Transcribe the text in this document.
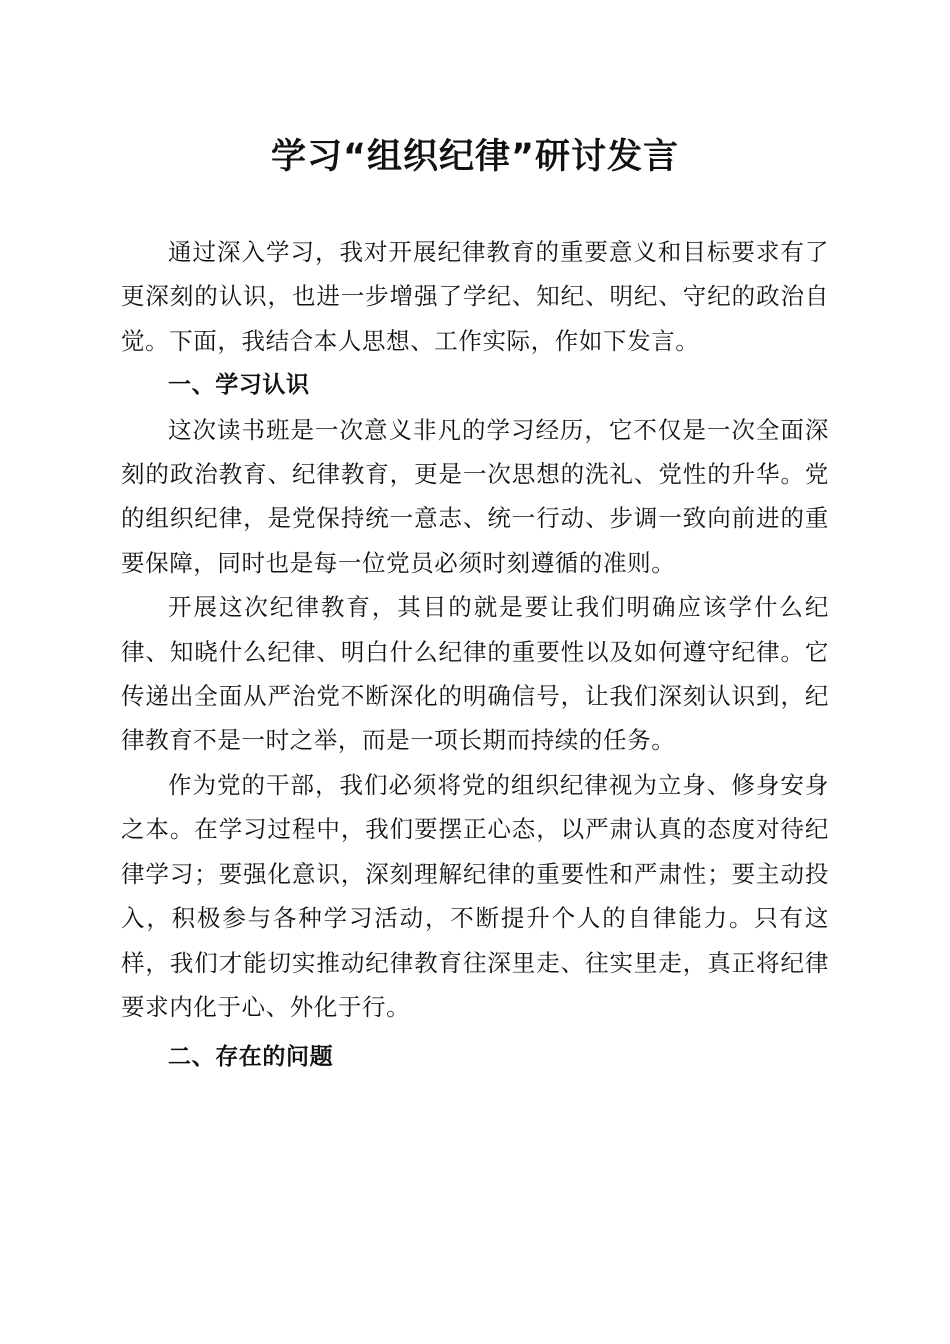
学习“组织纪律”研讨发言

通过深入学习，我对开展纪律教育的重要意义和目标要求有了更深刻的认识，也进一步增强了学纪、知纪、明纪、守纪的政治自觉。下面，我结合本人思想、工作实际，作如下发言。

一、学习认识

这次读书班是一次意义非凡的学习经历，它不仅是一次全面深刻的政治教育、纪律教育，更是一次思想的洗礼、党性的升华。党的组织纪律，是党保持统一意志、统一行动、步调一致向前进的重要保障，同时也是每一位党员必须时刻遵循的准则。

开展这次纪律教育，其目的就是要让我们明确应该学什么纪律、知晓什么纪律、明白什么纪律的重要性以及如何遵守纪律。它传递出全面从严治党不断深化的明确信号，让我们深刻认识到，纪律教育不是一时之举，而是一项长期而持续的任务。

作为党的干部，我们必须将党的组织纪律视为立身、修身安身之本。在学习过程中，我们要摆正心态，以严肃认真的态度对待纪律学习；要强化意识，深刻理解纪律的重要性和严肃性；要主动投入，积极参与各种学习活动，不断提升个人的自律能力。只有这样，我们才能切实推动纪律教育往深里走、往实里走，真正将纪律要求内化于心、外化于行。

二、存在的问题
